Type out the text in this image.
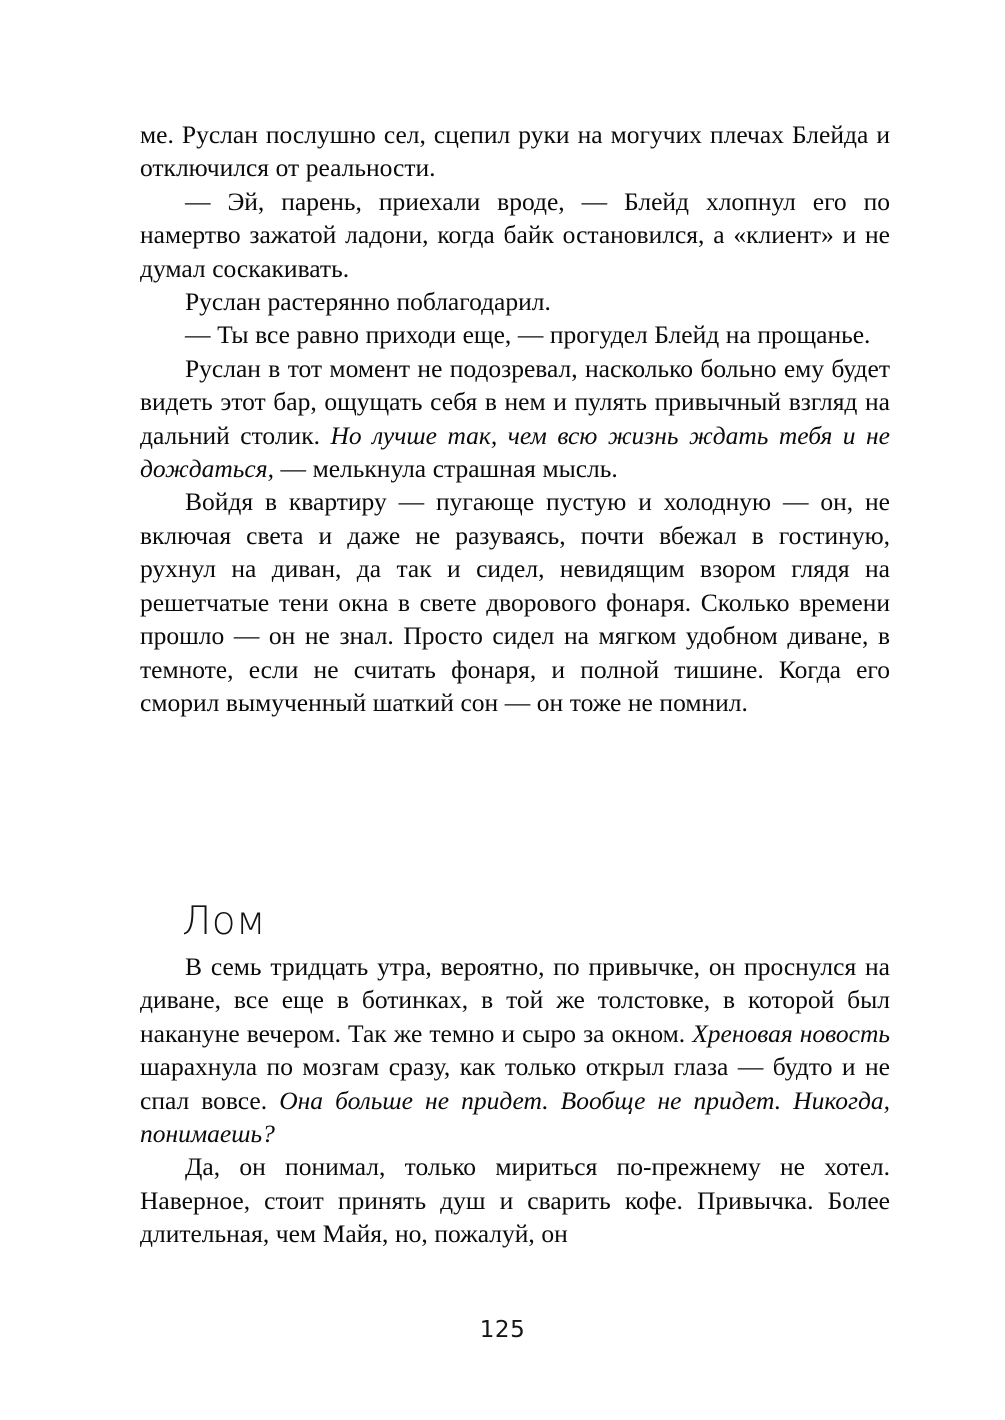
ме. Руслан послушно сел, сцепил руки на могучих плечах Блейда и отключился от реальности.

— Эй, парень, приехали вроде, — Блейд хлопнул его по намертво зажатой ладони, когда байк остановился, а «клиент» и не думал соскакивать.

Руслан растерянно поблагодарил.

— Ты все равно приходи еще, — прогудел Блейд на прощанье.

Руслан в тот момент не подозревал, насколько больно ему будет видеть этот бар, ощущать себя в нем и пулять привычный взгляд на дальний столик. Но лучше так, чем всю жизнь ждать тебя и не дождаться, — мелькнула страшная мысль.

Войдя в квартиру — пугающе пустую и холодную — он, не включая света и даже не разуваясь, почти вбежал в гостиную, рухнул на диван, да так и сидел, невидящим взором глядя на решетчатые тени окна в свете дворового фонаря. Сколько времени прошло — он не знал. Просто сидел на мягком удобном диване, в темноте, если не считать фонаря, и полной тишине. Когда его сморил вымученный шаткий сон — он тоже не помнил.

Лом

В семь тридцать утра, вероятно, по привычке, он проснулся на диване, все еще в ботинках, в той же толстовке, в которой был накануне вечером. Так же темно и сыро за окном. Хреновая новость шарахнула по мозгам сразу, как только открыл глаза — будто и не спал вовсе. Она больше не придет. Вообще не придет. Никогда, понимаешь?

Да, он понимал, только мириться по-прежнему не хотел. Наверное, стоит принять душ и сварить кофе. Привычка. Более длительная, чем Майя, но, пожалуй, он

125
